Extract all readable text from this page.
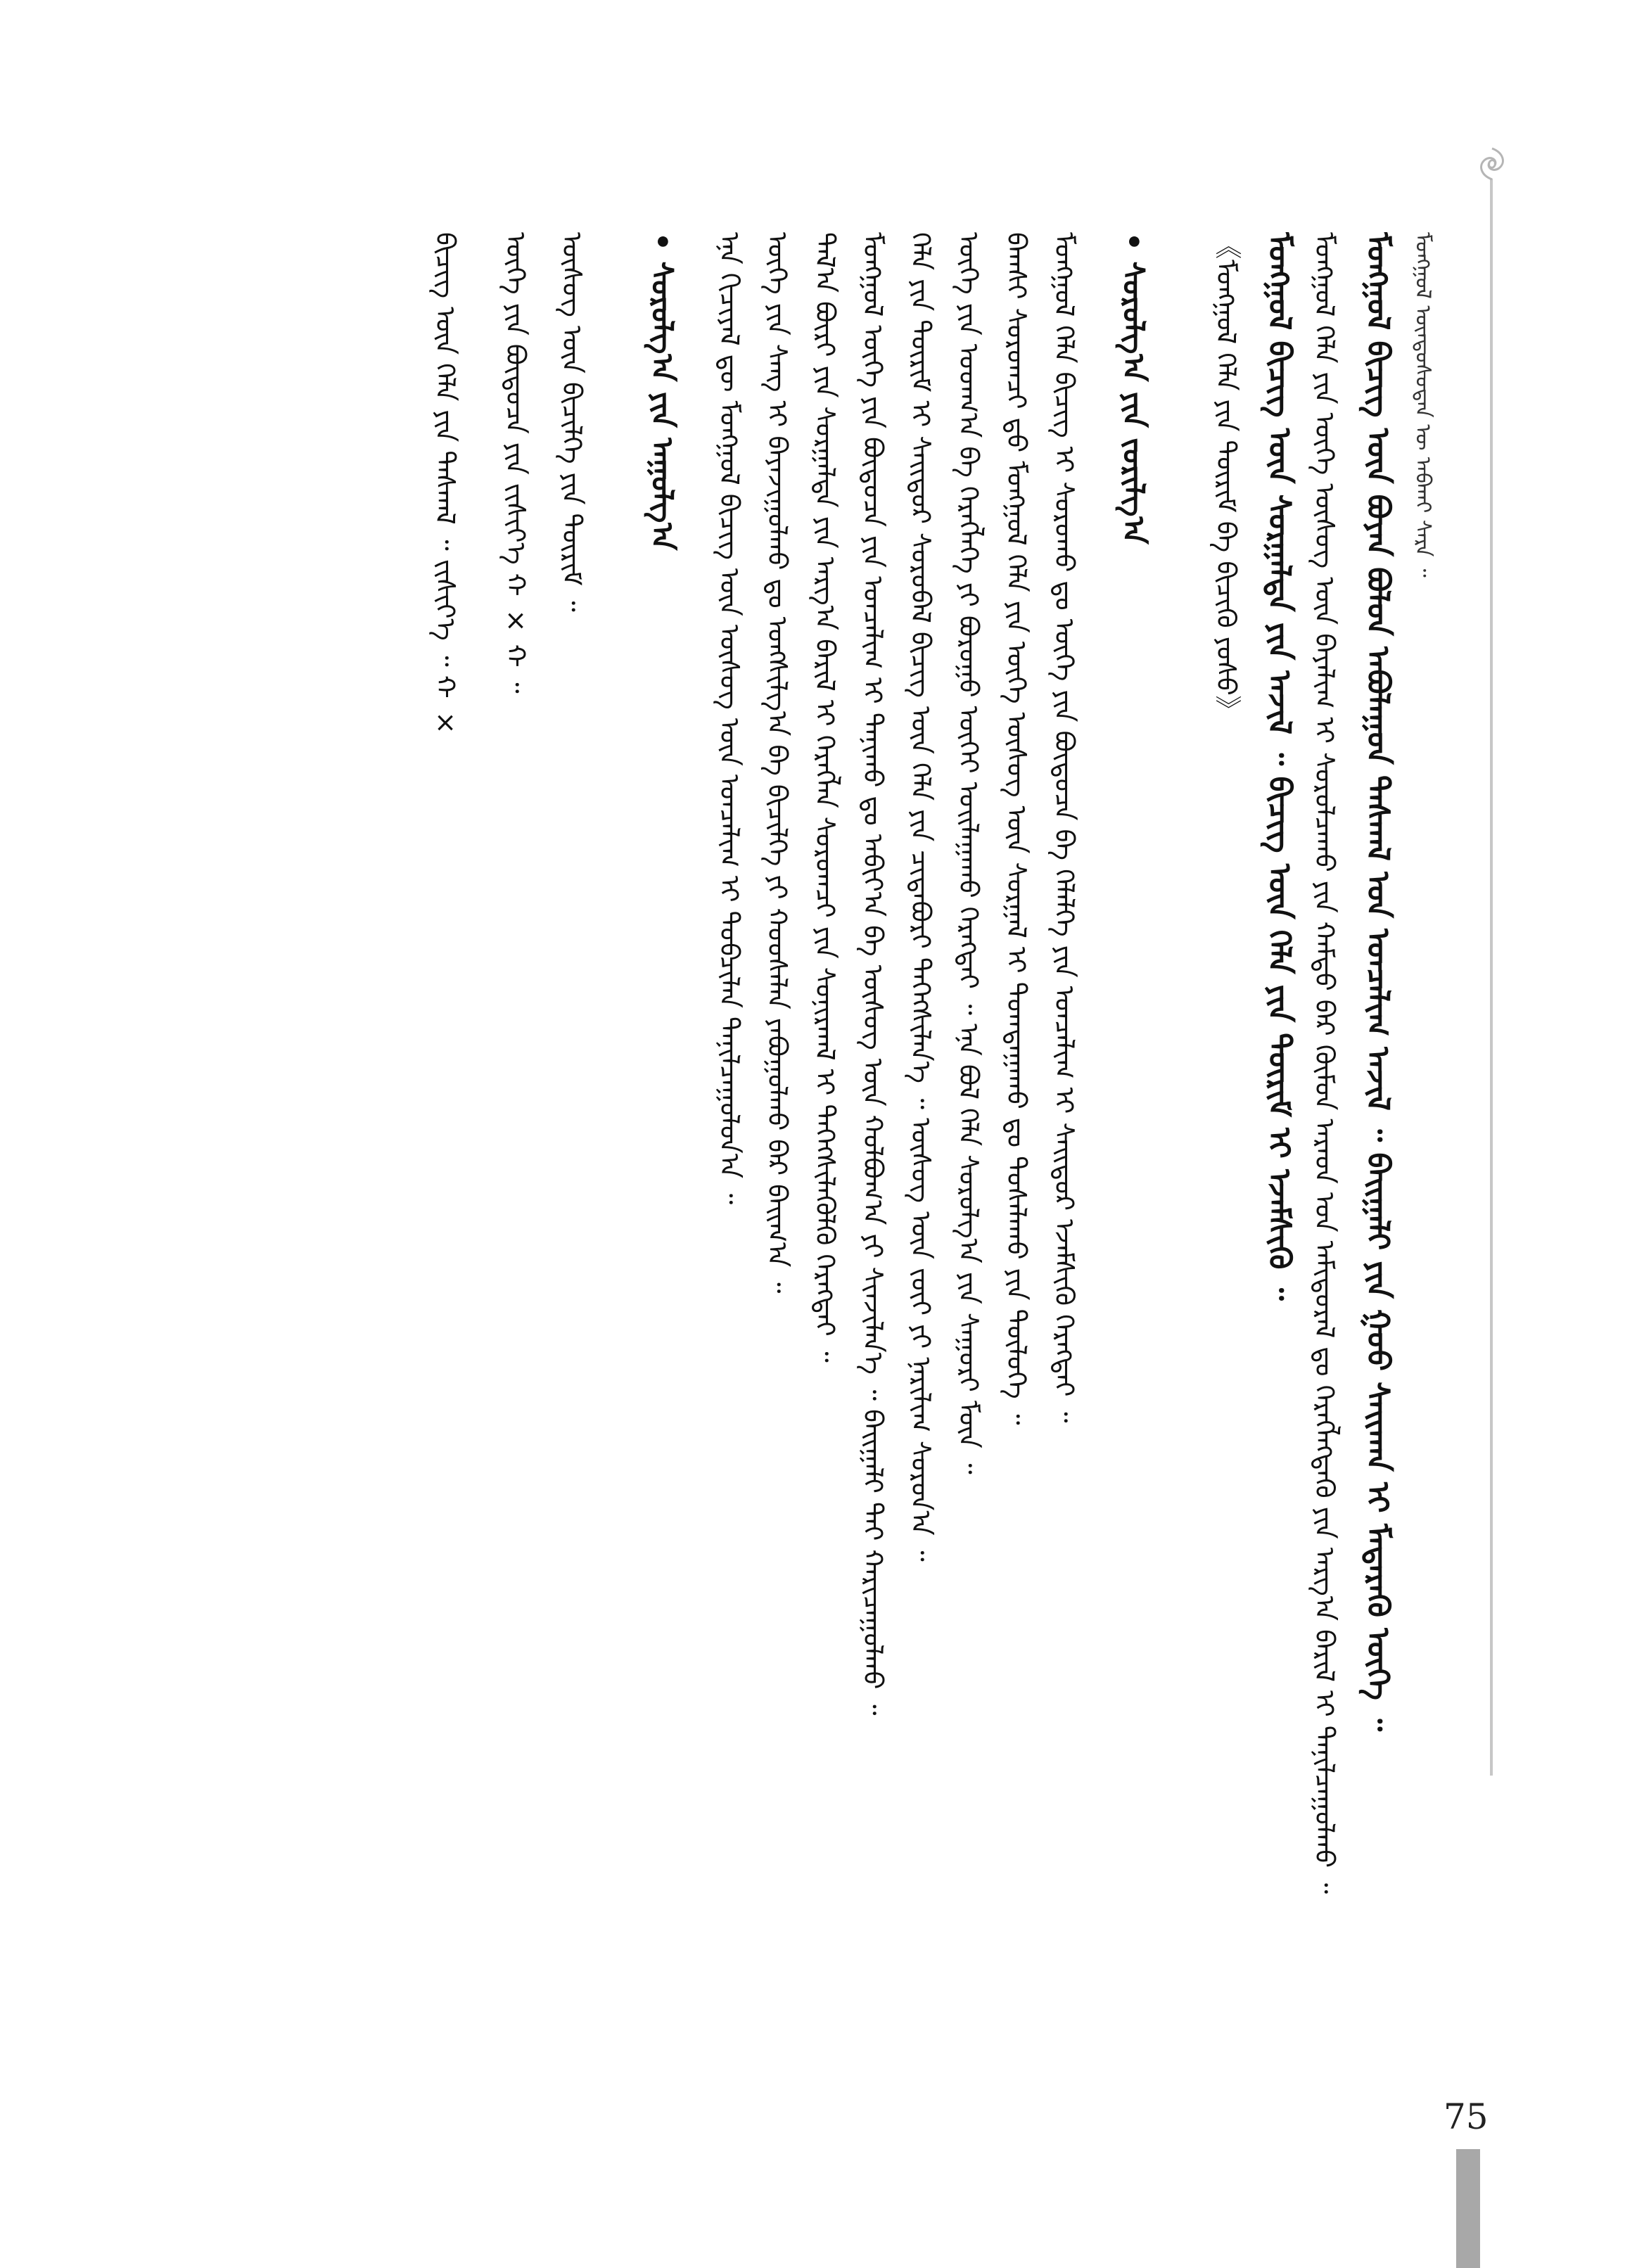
ᠮᠣᠩᠭᠣᠯ ᠦᠨᠳᠦᠰᠦᠲᠡᠨ ᠦ ᠠᠪᠬᠠᠢ ᠰᠠᠷᠠ ᠃
ᠮᠣᠩᠭᠣᠯ ᠪᠢᠴᠢᠭ ᠦᠨ ᠪᠤᠶᠠᠨ ᠪᠤᠯᠤᠨ ᠠᠪᠤᠯᠠᠭᠤᠨ ᠳᠠᠰᠬᠠᠯ ᠤᠨ ᠣᠨᠴᠠᠯᠢᠭ ᠠᠵᠢᠯ ᠃ ᠪᠠᠢᠭᠠᠯᠢ ᠶᠢᠨ ᠭᠣᠣ ᠰᠠᠢᠬᠠᠨ ᠢ ᠮᠡᠳᠡᠷᠡᠬᠦ ᠦᠭᠡ ᠃
ᠮᠣᠩᠭᠣᠯ ᠬᠡᠯᠡ ᠶᠢᠨ ᠦᠭᠡ ᠦᠰᠦᠭ ᠦᠨ ᠪᠠᠶᠠᠯᠢᠭ ᠢ ᠰᠤᠷᠤᠯᠴᠠᠬᠤ ᠶᠢᠨ ᠬᠠᠮᠲᠤ ᠪᠡᠷ ᠬᠦᠮᠦᠨ ᠠᠷᠠᠳ ᠤᠨ ᠠᠮᠢᠳᠤᠷᠠᠯ ᠳᠤ ᠬᠡᠷᠡᠭᠯᠡᠭᠳᠡᠬᠦ ᠶᠢᠨ ᠠᠷᠭ᠎ᠠ ᠪᠠᠷᠢᠯ ᠢ ᠲᠠᠨᠢᠯᠴᠠᠭᠤᠯᠬᠤ ᠃
ᠮᠣᠩᠭᠣᠯ ᠪᠢᠴᠢᠭ ᠦᠨ ᠰᠤᠷᠭᠠᠯᠲᠠ ᠶᠢᠨ ᠠᠵᠢᠯ ᠃ ᠪᠢᠴᠢᠭ ᠦᠨ ᠬᠡᠯᠡ ᠶᠢᠨ ᠳᠦᠷᠢᠮ ᠢ ᠡᠵᠡᠮᠰᠢᠬᠦ ᠃
《ᠮᠣᠩᠭᠣᠯ ᠬᠡᠯᠡ ᠶᠢᠨ ᠳᠦᠷᠢᠮ ᠪᠠ ᠪᠢᠴᠢᠬᠦ ᠶᠣᠰᠣ》
• ᠰᠤᠷᠤᠯᠭ᠎ᠠ ᠶᠢᠨ ᠵᠣᠷᠢᠯᠭ᠎ᠠ
ᠮᠣᠩᠭᠣᠯ ᠬᠡᠯᠡ ᠪᠢᠴᠢᠭ ᠢ ᠰᠤᠷᠤᠬᠤ ᠳᠤ ᠦᠭᠡ ᠶᠢᠨ ᠪᠦᠲᠦᠴᠡ ᠪᠠ ᠬᠡᠯᠡᠯᠭᠡ ᠶᠢᠨ ᠣᠨᠴᠠᠯᠢᠭ ᠢ ᠰᠠᠢᠲᠤᠷ ᠡᠵᠡᠮᠰᠢᠬᠦ ᠬᠡᠷᠡᠭᠲᠡᠢ ᠃
ᠪᠠᠭᠰᠢ ᠰᠤᠷᠤᠭᠴᠢ ᠳ᠋ᠤ ᠮᠣᠩᠭᠣᠯ ᠬᠡᠯᠡ ᠶᠢᠨ ᠦᠭᠡ ᠦᠰᠦᠭ ᠦᠨ ᠰᠤᠷᠭᠠᠯ ᠢ ᠲᠣᠭᠲᠠᠭᠠᠬᠤ ᠳᠤ ᠲᠤᠰᠠᠯᠠᠬᠤ ᠶᠢᠨ ᠲᠥᠯᠦᠭᠡ ᠃
ᠦᠭᠡ ᠶᠢᠨ ᠤᠳᠬ᠎ᠠ ᠪᠠ ᠬᠡᠷᠡᠭᠯᠡᠭᠡ ᠶᠢ ᠪᠤᠷᠤᠭᠤ ᠦᠭᠡᠢ ᠣᠢᠯᠠᠭᠠᠬᠤ ᠬᠡᠷᠡᠭᠲᠡᠢ ᠃ ᠡᠨᠡ ᠪᠣᠯ ᠬᠡᠯᠡ ᠰᠤᠷᠤᠯᠭ᠎ᠠ ᠶᠢᠨ ᠰᠠᠭᠤᠷᠢ ᠮᠥᠨ ᠃
ᠬᠡᠯᠡ ᠶᠢᠨ ᠳᠦᠷᠢᠮ ᠢ ᠰᠠᠢᠲᠤᠷ ᠰᠤᠷᠤᠪᠠᠯ ᠪᠢᠴᠢᠭ ᠦᠨ ᠬᠡᠯᠡ ᠶᠢᠨ ᠴᠢᠳᠠᠪᠤᠷᠢ ᠳᠡᠭᠡᠭᠰᠢᠯᠡᠨ᠎ᠡ ᠃ ᠦᠰᠦᠭ ᠦᠨ ᠵᠦᠢ ᠶᠢ ᠨᠠᠷᠢᠯᠢᠭ ᠰᠤᠷᠤᠨ᠎ᠠ ᠃
ᠮᠣᠩᠭᠣᠯ ᠦᠭᠡ ᠶᠢᠨ ᠪᠦᠲᠦᠴᠡ ᠶᠢᠨ ᠣᠨᠴᠠᠯᠢᠭ ᠢ ᠲᠠᠨᠢᠬᠤ ᠳᠤ ᠠᠪᠢᠶ᠎ᠠ ᠪᠠ ᠦᠰᠦᠭ ᠦᠨ ᠬᠣᠯᠪᠣᠭ᠎ᠠ ᠶᠢ ᠰᠢᠨᠵᠢᠯᠡᠨ᠎ᠡ ᠃ ᠪᠠᠢᠭᠠᠯᠢ ᠲᠠᠢ ᠬᠠᠷᠢᠴᠠᠭᠤᠯᠬᠤ ᠃
ᠲᠠᠯ᠎ᠠ ᠪᠦᠷᠢ ᠶᠢᠨ ᠰᠤᠷᠭᠠᠯᠲᠠ ᠶᠢᠨ ᠠᠷᠭ᠎ᠠ ᠪᠠᠷᠢᠯ ᠢ ᠬᠡᠷᠡᠭᠯᠡᠨ ᠰᠤᠷᠤᠭᠴᠢ ᠶᠢᠨ ᠰᠣᠨᠢᠷᠬᠠᠯ ᠢ ᠳᠡᠭᠡᠭᠰᠢᠯᠡᠭᠦᠯᠬᠦ ᠬᠡᠷᠡᠭᠲᠡᠢ ᠃
ᠦᠭᠡ ᠶᠢᠨ ᠰᠠᠩ ᠢ ᠪᠠᠶᠠᠵᠢᠭᠤᠯᠬᠤ ᠳᠤ ᠤᠩᠰᠢᠯᠭ᠎ᠠ ᠪᠠ ᠪᠢᠴᠢᠯᠭᠡ ᠶᠢ ᠬᠣᠣᠰᠠᠯᠠᠨ ᠶᠠᠪᠤᠭᠤᠯᠬᠤ ᠪᠡᠷ ᠪᠠᠢᠭ᠎ᠠ ᠃
ᠡᠨᠡ ᠬᠢᠴᠢᠶᠡᠯ ᠳᠦ ᠮᠣᠩᠭᠣᠯ ᠪᠢᠴᠢᠭ ᠦᠨ ᠦᠰᠦᠭ ᠦᠨ ᠣᠨᠴᠠᠯᠢᠭ ᠢ ᠲᠣᠪᠴᠢᠯᠠᠨ ᠲᠠᠨᠢᠯᠴᠠᠭᠤᠯᠤᠨ᠎ᠠ ᠃
• ᠰᠤᠷᠤᠯᠭ᠎ᠠ ᠶᠢᠨ ᠠᠭᠤᠯᠭ᠎ᠠ
ᠦᠰᠦᠭ ᠦᠨ ᠪᠢᠴᠢᠯᠭᠡ ᠶᠢᠨ ᠳᠦᠷᠢᠮ ᠃
ᠦᠭᠡ ᠶᠢᠨ ᠪᠦᠲᠦᠴᠡ ᠶᠢᠨ ᠵᠢᠱᠢᠶ᠎ᠡ ᠬ × ᠬ ᠃
ᠪᠢᠴᠢᠭ ᠦᠨ ᠬᠡᠯᠡ ᠶᠢᠨ ᠳᠠᠰᠬᠠᠯ ᠃ ᠵᠢᠱᠢᠶ᠎ᠡ ᠃ ᠬ ×
75
